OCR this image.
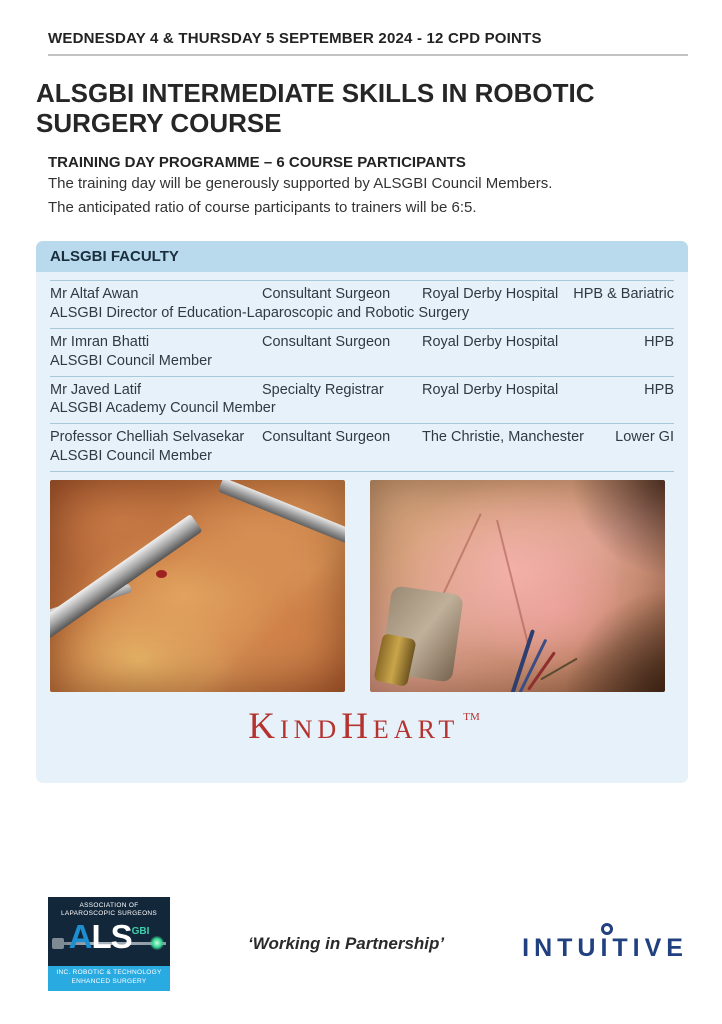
WEDNESDAY 4 & THURSDAY 5 SEPTEMBER 2024 - 12 CPD POINTS
ALSGBI INTERMEDIATE SKILLS IN ROBOTIC SURGERY COURSE
TRAINING DAY PROGRAMME – 6 COURSE PARTICIPANTS

The training day will be generously supported by ALSGBI Council Members.

The anticipated ratio of course participants to trainers will be 6:5.

ALSGBI FACULTY
Mr Altaf Awan	Consultant Surgeon	Royal Derby Hospital	HPB & Bariatric
ALSGBI Director of Education-Laparoscopic and Robotic Surgery
Mr Imran Bhatti	Consultant Surgeon	Royal Derby Hospital	HPB
ALSGBI Council Member
Mr Javed Latif	Specialty Registrar	Royal Derby Hospital	HPB
ALSGBI Academy Council Member
Professor Chelliah Selvasekar	Consultant Surgeon	The Christie, Manchester	Lower GI
ALSGBI Council Member
KINDHEART ™
ASSOCIATION OF
LAPAROSCOPIC SURGEONS
$ALS^{GBI}$
INC. ROBOTIC & TECHNOLOGY
ENHANCED SURGERY
‘Working in Partnership’	INTU
ITIVE
